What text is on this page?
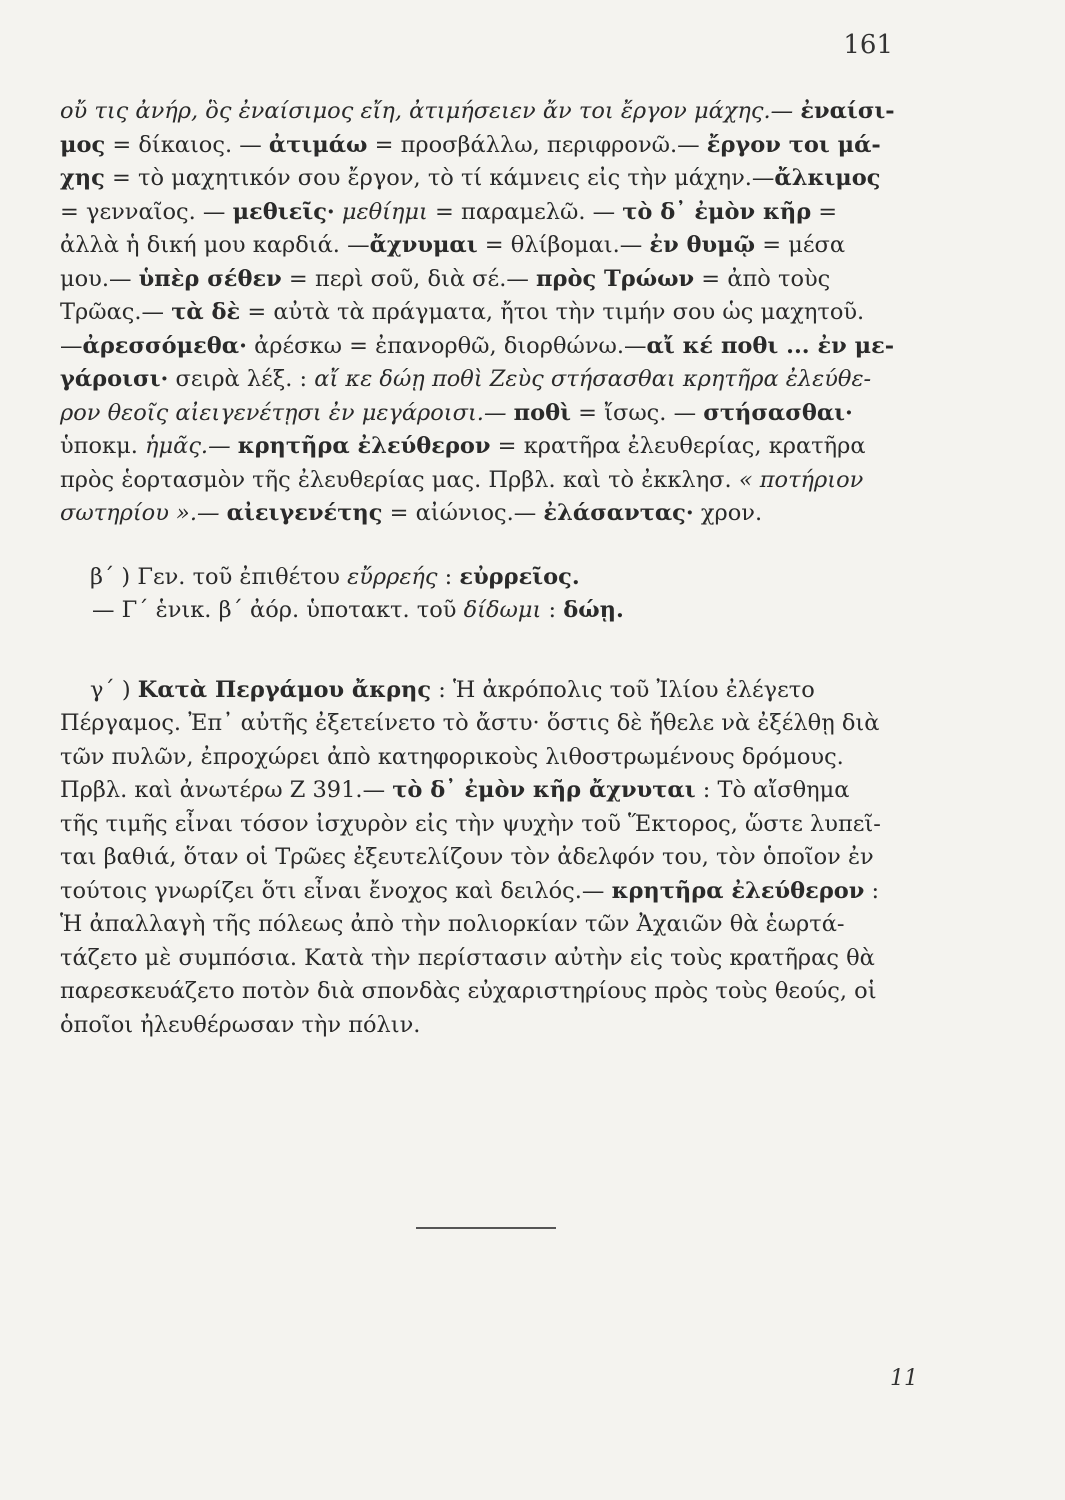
161
οὔ τις ἀνήρ, ὃς ἐναίσιμος εἴη, ἀτιμήσειεν ἄν τοι ἔργον μάχης.— ἐναίσι-
μος = δίκαιος. — ἀτιμάω = προσβάλλω, περιφρονῶ.— ἔργον τοι μά-
χης = τὸ μαχητικόν σου ἔργον, τὸ τί κάμνεις εἰς τὴν μάχην.—ἄλκιμος
= γενναῖος. — μεθιεῖς· μεθίημι = παραμελῶ. — τὸ δ᾽ ἐμὸν κῆρ =
ἀλλὰ ἡ δική μου καρδιά. —ἄχνυμαι = θλίβομαι.— ἐν θυμῷ = μέσα
μου.— ὑπὲρ σέθεν = περὶ σοῦ, διὰ σέ.— πρὸς Τρώων = ἀπὸ τοὺς
Τρῶας.— τὰ δὲ = αὐτὰ τὰ πράγματα, ἤτοι τὴν τιμήν σου ὡς μαχητοῦ.
—ἀρεσσόμεθα· ἀρέσκω = ἐπανορθῶ, διορθώνω.—αἴ κέ ποθι ... ἐν με-
γάροισι· σειρὰ λέξ. : αἴ κε δώῃ ποθὶ Ζεὺς στήσασθαι κρητῆρα ἐλεύθε-
ρον θεοῖς αἰειγενέτῃσι ἐν μεγάροισι.— ποθὶ = ἴσως. — στήσασθαι·
ὑποκμ. ἡμᾶς.— κρητῆρα ἐλεύθερον = κρατῆρα ἐλευθερίας, κρατῆρα
πρὸς ἑορτασμὸν τῆς ἐλευθερίας μας. Πρβλ. καὶ τὸ ἐκκλησ. « ποτήριον
σωτηρίου ».— αἰειγενέτης = αἰώνιος.— ἐλάσαντας· χρον.
β΄ ) Γεν. τοῦ ἐπιθέτου εὔρρεής : εὐρρεῖος.
— Γ΄ ἑνικ. β΄ ἀόρ. ὑποτακτ. τοῦ δίδωμι : δώῃ.
γ΄ ) Κατὰ Περγάμου ἄκρης : Ἡ ἀκρόπολις τοῦ Ἰλίου ἐλέγετο
Πέργαμος. Ἐπ᾽ αὐτῆς ἐξετείνετο τὸ ἄστυ· ὅστις δὲ ἤθελε νὰ ἐξέλθῃ διὰ
τῶν πυλῶν, ἐπροχώρει ἀπὸ κατηφορικοὺς λιθοστρωμένους δρόμους.
Πρβλ. καὶ ἀνωτέρω Ζ 391.— τὸ δ᾽ ἐμὸν κῆρ ἄχνυται : Τὸ αἴσθημα
τῆς τιμῆς εἶναι τόσον ἰσχυρὸν εἰς τὴν ψυχὴν τοῦ Ἕκτορος, ὥστε λυπεῖ-
ται βαθιά, ὅταν οἱ Τρῶες ἐξευτελίζουν τὸν ἀδελφόν του, τὸν ὁποῖον ἐν
τούτοις γνωρίζει ὅτι εἶναι ἔνοχος καὶ δειλός.— κρητῆρα ἐλεύθερον :
Ἡ ἀπαλλαγὴ τῆς πόλεως ἀπὸ τὴν πολιορκίαν τῶν Ἀχαιῶν θὰ ἑωρτά-
τάζετο μὲ συμπόσια. Κατὰ τὴν περίστασιν αὐτὴν εἰς τοὺς κρατῆρας θὰ
παρεσκευάζετο ποτὸν διὰ σπονδὰς εὐχαριστηρίους πρὸς τοὺς θεούς, οἱ
ὁποῖοι ἠλευθέρωσαν τὴν πόλιν.
11
